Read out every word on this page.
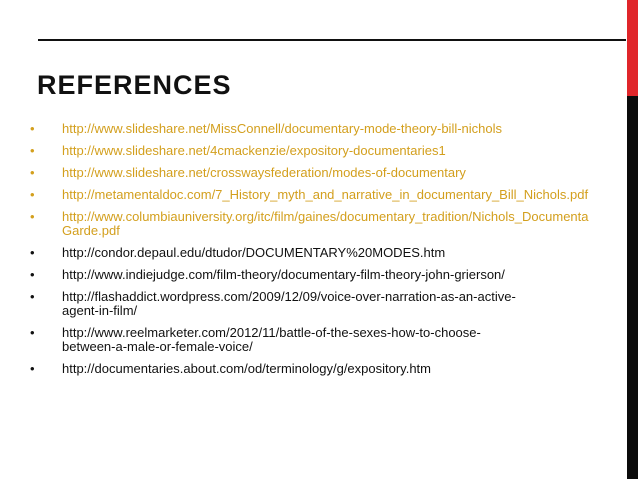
REFERENCES
•	http://www.slideshare.net/MissConnell/documentary-mode-theory-bill-nichols
•	http://www.slideshare.net/4cmackenzie/expository-documentaries1
•	http://www.slideshare.net/crosswaysfederation/modes-of-documentary
•	http://metamentaldoc.com/7_History_myth_and_narrative_in_documentary_Bill_Nichols.pdf
•	http://www.columbiauniversity.org/itc/film/gaines/documentary_tradition/Nichols_Documenta
Garde.pdf
•	http://condor.depaul.edu/dtudor/DOCUMENTARY%20MODES.htm
•	http://www.indiejudge.com/film-theory/documentary-film-theory-john-grierson/
•	http://flashaddict.wordpress.com/2009/12/09/voice-over-narration-as-an-active-
agent-in-film/
•	http://www.reelmarketer.com/2012/11/battle-of-the-sexes-how-to-choose-
between-a-male-or-female-voice/
•	http://documentaries.about.com/od/terminology/g/expository.htm
